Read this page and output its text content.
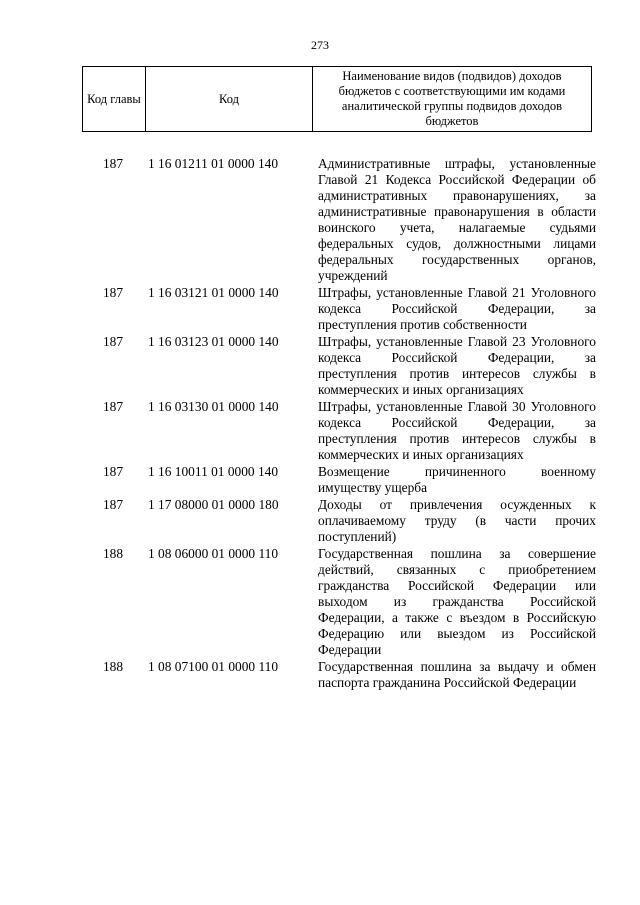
273
Код главы	Код	Наименование видов (подвидов) доходов бюджетов с соответствующими им кодами аналитической группы подвидов доходов бюджетов
187	1 16 01211 01 0000 140	Административные штрафы, установленные Главой 21 Кодекса Российской Федерации об административных правонарушениях, за административные правонарушения в области воинского учета, налагаемые судьями федеральных судов, должностными лицами федеральных государственных органов, учреждений
187	1 16 03121 01 0000 140	Штрафы, установленные Главой 21 Уголовного кодекса Российской Федерации, за преступления против собственности
187	1 16 03123 01 0000 140	Штрафы, установленные Главой 23 Уголовного кодекса Российской Федерации, за преступления против интересов службы в коммерческих и иных организациях
187	1 16 03130 01 0000 140	Штрафы, установленные Главой 30 Уголовного кодекса Российской Федерации, за преступления против интересов службы в коммерческих и иных организациях
187	1 16 10011 01 0000 140	Возмещение причиненного военному имуществу ущерба
187	1 17 08000 01 0000 180	Доходы от привлечения осужденных к оплачиваемому труду (в части прочих поступлений)
188	1 08 06000 01 0000 110	Государственная пошлина за совершение действий, связанных с приобретением гражданства Российской Федерации или выходом из гражданства Российской Федерации, а также с въездом в Российскую Федерацию или выездом из Российской Федерации
188	1 08 07100 01 0000 110	Государственная пошлина за выдачу и обмен паспорта гражданина Российской Федерации
